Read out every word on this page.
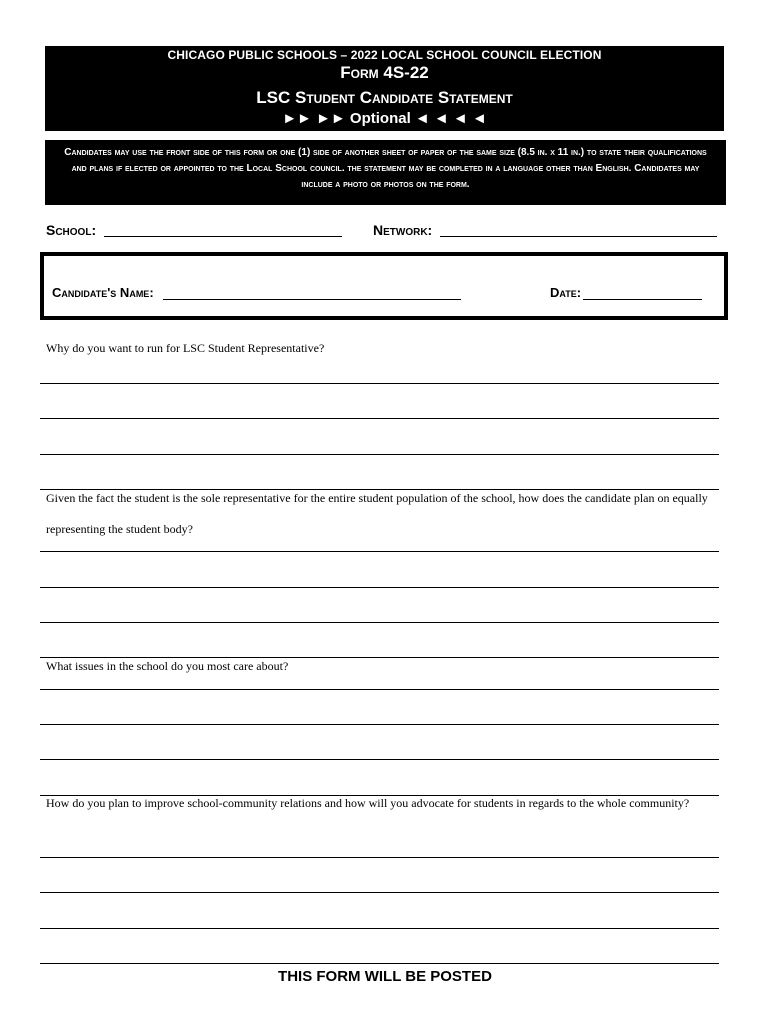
CHICAGO PUBLIC SCHOOLS – 2022 LOCAL SCHOOL COUNCIL ELECTION
Form 4S-22
LSC Student Candidate Statement
►► ►► Optional ◄ ◄ ◄ ◄
Candidates may use the front side of this form or one (1) side of another sheet of paper of the same size (8.5 in. x 11 in.) to state their qualifications and plans if elected or appointed to the Local School council. the statement may be completed in a language other than English. Candidates may include a photo or photos on the form.
School:	Network:
Candidate's Name:	Date:
Why do you want to run for LSC Student Representative?
Given the fact the student is the sole representative for the entire student population of the school, how does the candidate plan on equally representing the student body?
What issues in the school do you most care about?
How do you plan to improve school-community relations and how will you advocate for students in regards to the whole community?
THIS FORM WILL BE POSTED
